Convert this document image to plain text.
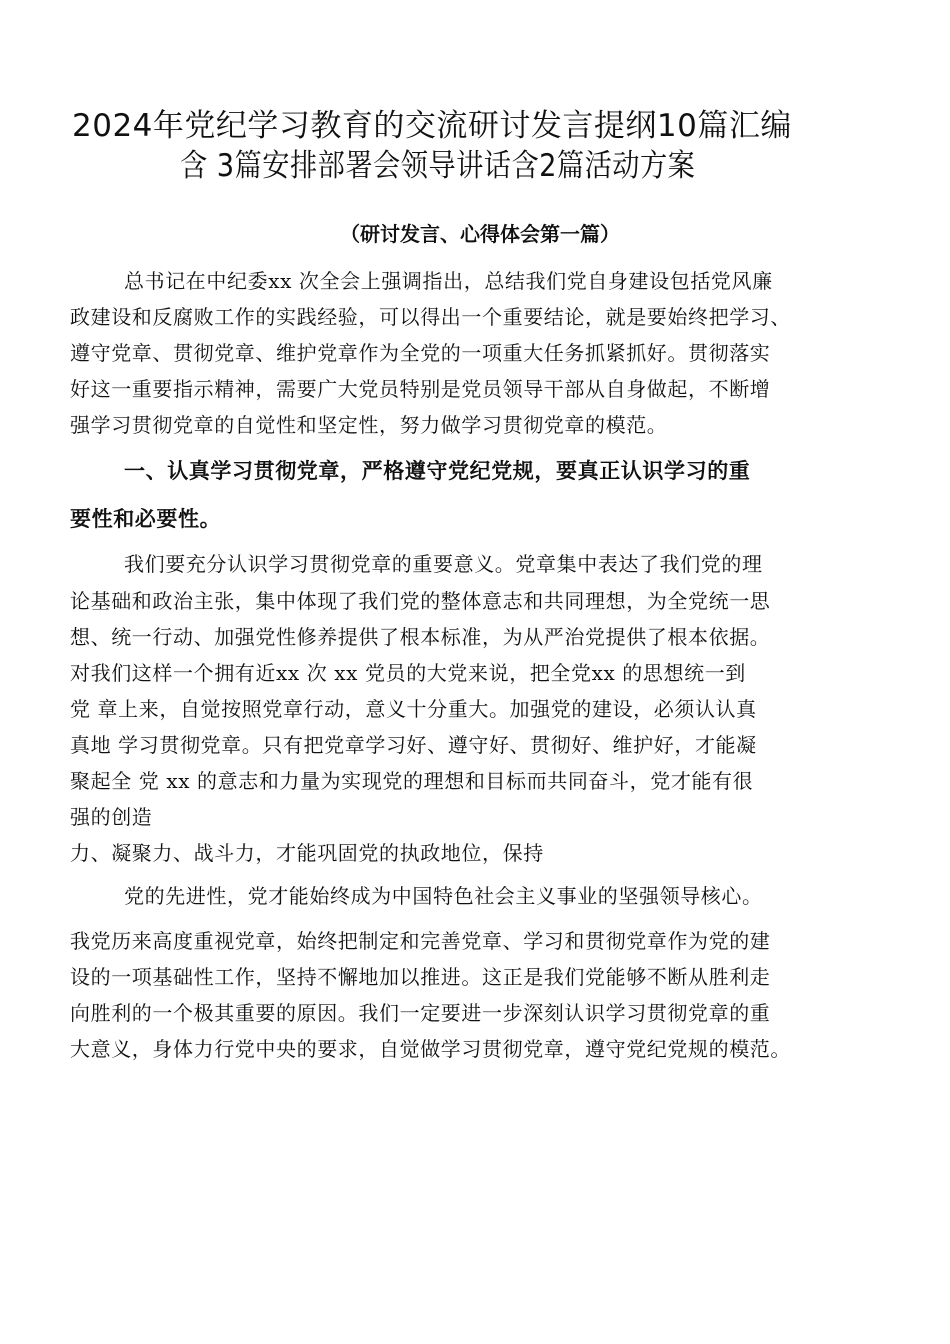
2024年党纪学习教育的交流研讨发言提纲10篇汇编
含 3篇安排部署会领导讲话含2篇活动方案
（研讨发言、心得体会第一篇）
总书记在中纪委xx 次全会上强调指出，总结我们党自身建设包括党风廉
政建设和反腐败工作的实践经验，可以得出一个重要结论，就是要始终把学习、
遵守党章、贯彻党章、维护党章作为全党的一项重大任务抓紧抓好。贯彻落实
好这一重要指示精神，需要广大党员特别是党员领导干部从自身做起，不断增
强学习贯彻党章的自觉性和坚定性，努力做学习贯彻党章的模范。
一、认真学习贯彻党章，严格遵守党纪党规，要真正认识学习的重
要性和必要性。
我们要充分认识学习贯彻党章的重要意义。党章集中表达了我们党的理
论基础和政治主张，集中体现了我们党的整体意志和共同理想，为全党统一思
想、统一行动、加强党性修养提供了根本标准，为从严治党提供了根本依据。
对我们这样一个拥有近xx 次 xx 党员的大党来说，把全党xx 的思想统一到
党 章上来，自觉按照党章行动，意义十分重大。加强党的建设，必须认认真
真地 学习贯彻党章。只有把党章学习好、遵守好、贯彻好、维护好，才能凝
聚起全 党 xx 的意志和力量为实现党的理想和目标而共同奋斗，党才能有很
强的创造
力、凝聚力、战斗力，才能巩固党的执政地位，保持
党的先进性，党才能始终成为中国特色社会主义事业的坚强领导核心。
我党历来高度重视党章，始终把制定和完善党章、学习和贯彻党章作为党的建
设的一项基础性工作，坚持不懈地加以推进。这正是我们党能够不断从胜利走
向胜利的一个极其重要的原因。我们一定要进一步深刻认识学习贯彻党章的重
大意义，身体力行党中央的要求，自觉做学习贯彻党章，遵守党纪党规的模范。
